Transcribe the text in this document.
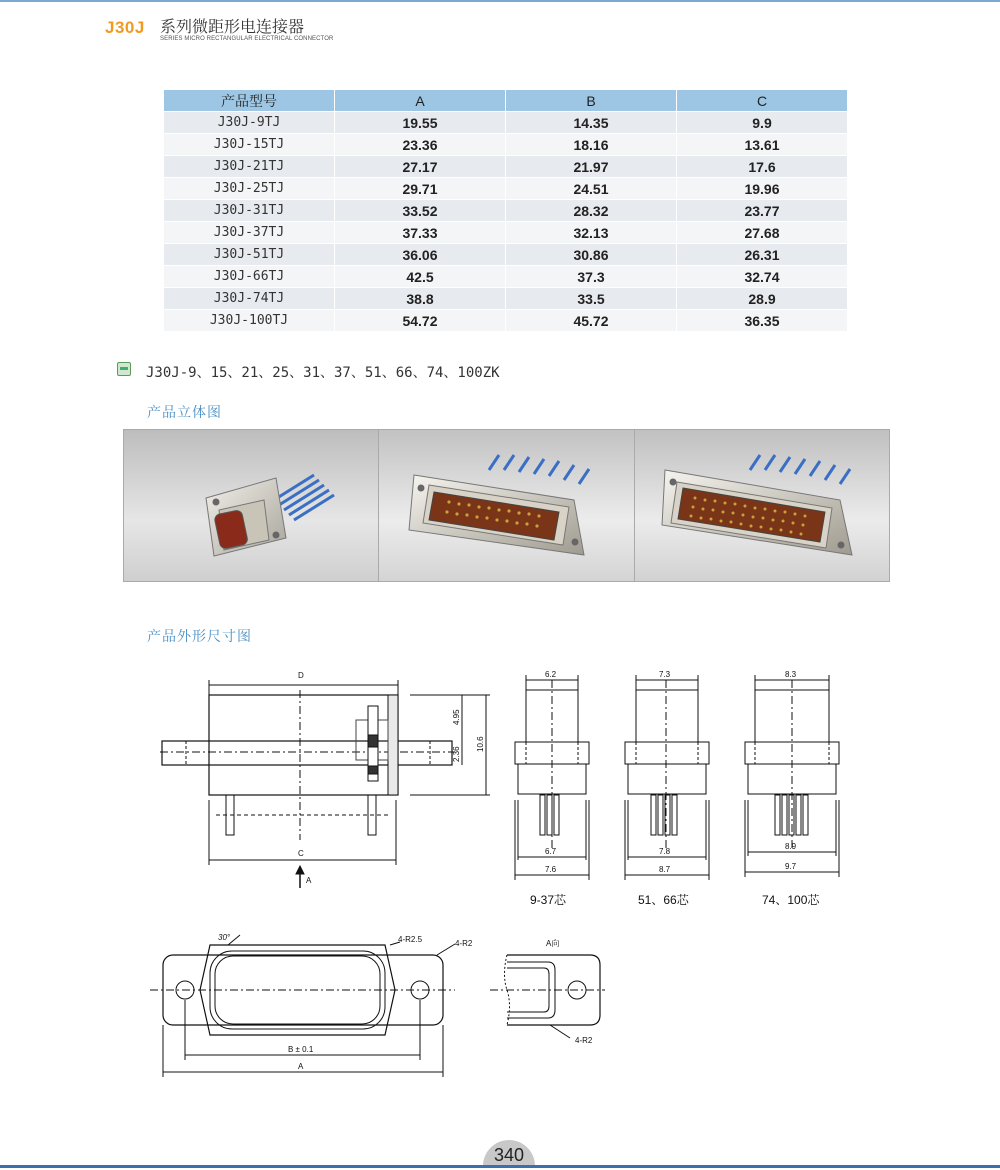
J30J 系列微距形电连接器
SERIES MICRO RECTANGULAR ELECTRICAL CONNECTOR
产品型号	A	B	C
J30J-9TJ	19.55	14.35	9.9
J30J-15TJ	23.36	18.16	13.61
J30J-21TJ	27.17	21.97	17.6
J30J-25TJ	29.71	24.51	19.96
J30J-31TJ	33.52	28.32	23.77
J30J-37TJ	37.33	32.13	27.68
J30J-51TJ	36.06	30.86	26.31
J30J-66TJ	42.5	37.3	32.74
J30J-74TJ	38.8	33.5	28.9
J30J-100TJ	54.72	45.72	36.35
J30J-9、15、21、25、31、37、51、66、74、100ZK
产品立体图
产品外形尺寸图
D
C
A
4.95
2.36
10.6
6.2
6.7
7.6
7.3
7.8
8.7
8.3
8.9
9.7
9-37芯	51、66芯	74、100芯
30°	4-R2.5	4-R2
B ± 0.1
A
A向
4-R2
340
